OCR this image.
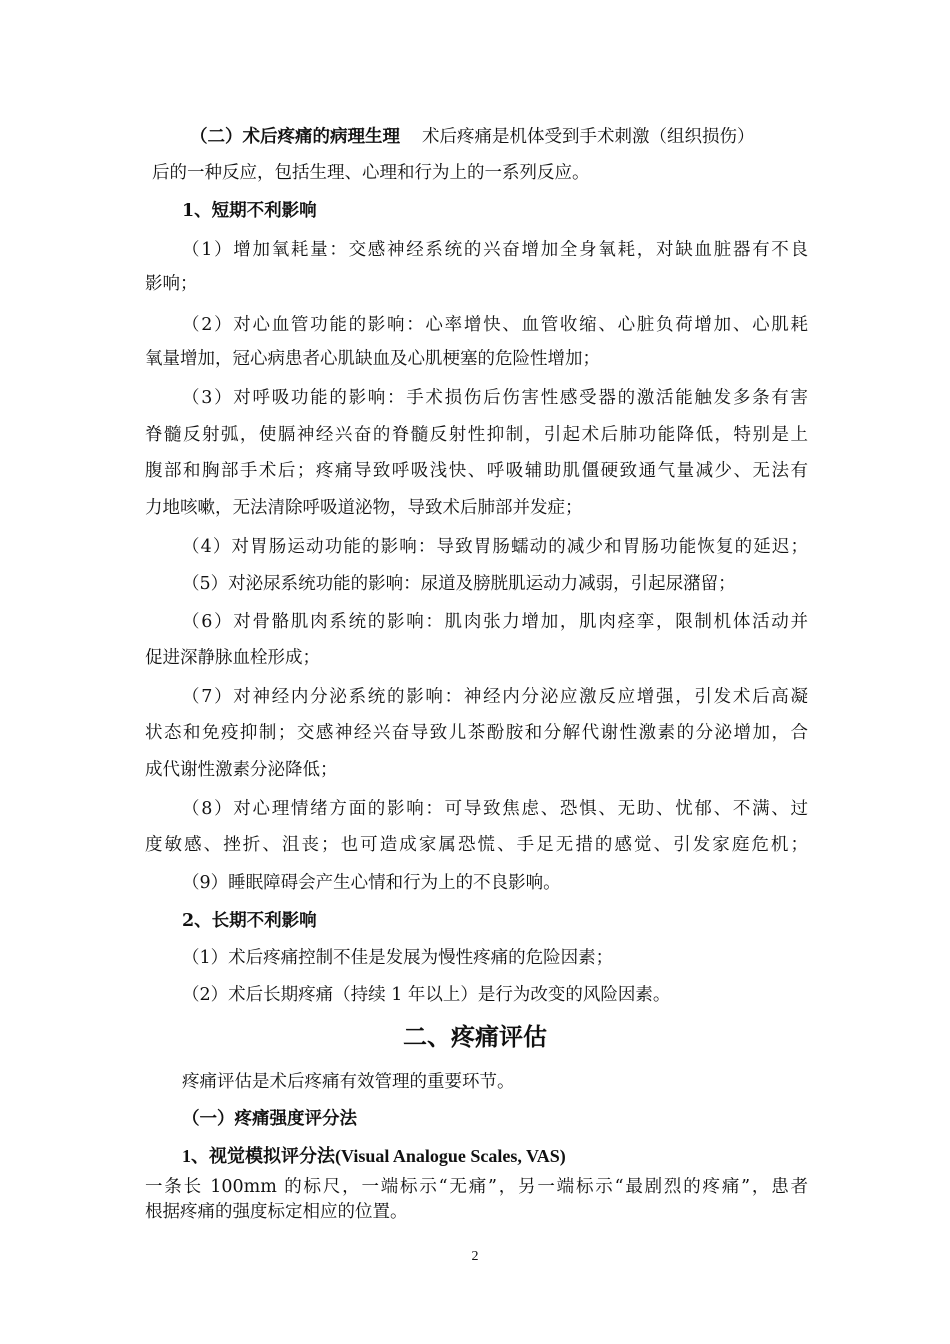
（二）术后疼痛的病理生理 术后疼痛是机体受到手术刺激（组织损伤）
后的一种反应，包括生理、心理和行为上的一系列反应。
1、短期不利影响
（1）增加氧耗量：交感神经系统的兴奋增加全身氧耗，对缺血脏器有不良
影响；
（2）对心血管功能的影响：心率增快、血管收缩、心脏负荷增加、心肌耗
氧量增加，冠心病患者心肌缺血及心肌梗塞的危险性增加；
（3）对呼吸功能的影响：手术损伤后伤害性感受器的激活能触发多条有害
脊髓反射弧，使膈神经兴奋的脊髓反射性抑制，引起术后肺功能降低，特别是上
腹部和胸部手术后；疼痛导致呼吸浅快、呼吸辅助肌僵硬致通气量减少、无法有
力地咳嗽，无法清除呼吸道泌物，导致术后肺部并发症；
（4）对胃肠运动功能的影响：导致胃肠蠕动的减少和胃肠功能恢复的延迟；
（5）对泌尿系统功能的影响：尿道及膀胱肌运动力减弱，引起尿潴留；
（6）对骨骼肌肉系统的影响：肌肉张力增加，肌肉痉挛，限制机体活动并
促进深静脉血栓形成；
（7）对神经内分泌系统的影响：神经内分泌应激反应增强，引发术后高凝
状态和免疫抑制；交感神经兴奋导致儿茶酚胺和分解代谢性激素的分泌增加，合
成代谢性激素分泌降低；
（8）对心理情绪方面的影响：可导致焦虑、恐惧、无助、忧郁、不满、过
度敏感、挫折、沮丧；也可造成家属恐慌、手足无措的感觉、引发家庭危机；
（9）睡眠障碍会产生心情和行为上的不良影响。
2、长期不利影响
（1）术后疼痛控制不佳是发展为慢性疼痛的危险因素；
（2）术后长期疼痛（持续 1 年以上）是行为改变的风险因素。
二、疼痛评估
疼痛评估是术后疼痛有效管理的重要环节。
（一）疼痛强度评分法
1、视觉模拟评分法(Visual Analogue Scales, VAS)
一条长 100mm 的标尺，一端标示“无痛”，另一端标示“最剧烈的疼痛”，患者
根据疼痛的强度标定相应的位置。
2
